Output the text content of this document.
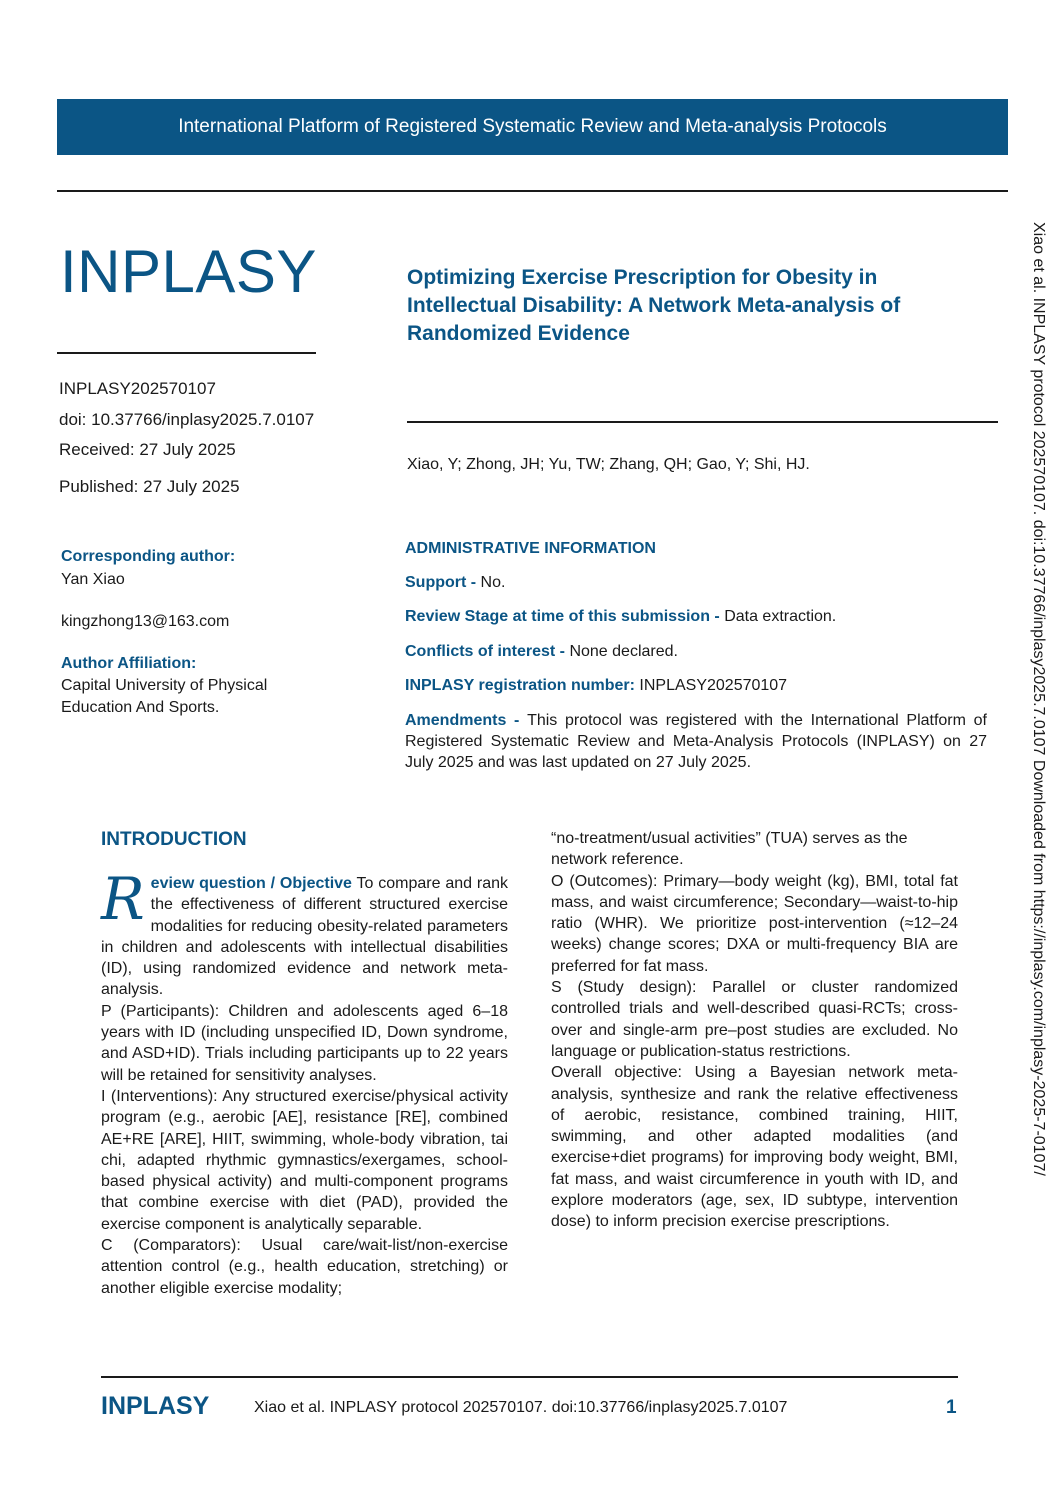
International Platform of Registered Systematic Review and Meta-analysis Protocols
INPLASY	Optimizing Exercise Prescription for Obesity in Intellectual Disability: A Network Meta-analysis of Randomized Evidence
INPLASY202570107
doi: 10.37766/inplasy2025.7.0107
Received: 27 July 2025
Published: 27 July 2025
Corresponding author:
Yan Xiao
kingzhong13@163.com
Author Affiliation:
Capital University of Physical
Education And Sports.
Xiao, Y; Zhong, JH; Yu, TW; Zhang, QH; Gao, Y; Shi, HJ.
ADMINISTRATIVE INFORMATION
Support - No.
Review Stage at time of this submission - Data extraction.
Conflicts of interest - None declared.
INPLASY registration number: INPLASY202570107
Amendments - This protocol was registered with the International Platform of Registered Systematic Review and Meta-Analysis Protocols (INPLASY) on 27 July 2025 and was last updated on 27 July 2025.
INTRODUCTION

Review question / Objective To compare and rank the effectiveness of different structured exercise modalities for reducing obesity-related parameters in children and adolescents with intellectual disabilities (ID), using randomized evidence and network meta-analysis.

P (Participants): Children and adolescents aged 6–18 years with ID (including unspecified ID, Down syndrome, and ASD+ID). Trials including participants up to 22 years will be retained for sensitivity analyses.

I (Interventions): Any structured exercise/physical activity program (e.g., aerobic [AE], resistance [RE], combined AE+RE [ARE], HIIT, swimming, whole-body vibration, tai chi, adapted rhythmic gymnastics/exergames, school-based physical activity) and multi-component programs that combine exercise with diet (PAD), provided the exercise component is analytically separable.

C (Comparators): Usual care/wait-list/non-exercise attention control (e.g., health education, stretching) or another eligible exercise modality;

“no-treatment/usual activities” (TUA) serves as the network reference.

O (Outcomes): Primary—body weight (kg), BMI, total fat mass, and waist circumference; Secondary—waist-to-hip ratio (WHR). We prioritize post-intervention (≈12–24 weeks) change scores; DXA or multi-frequency BIA are preferred for fat mass.

S (Study design): Parallel or cluster randomized controlled trials and well-described quasi-RCTs; cross-over and single-arm pre–post studies are excluded. No language or publication-status restrictions.

Overall objective: Using a Bayesian network meta-analysis, synthesize and rank the relative effectiveness of aerobic, resistance, combined training, HIIT, swimming, and other adapted modalities (and exercise+diet programs) for improving body weight, BMI, fat mass, and waist circumference in youth with ID, and explore moderators (age, sex, ID subtype, intervention dose) to inform precision exercise prescriptions.

Xiao et al. INPLASY protocol 202570107. doi:10.37766/inplasy2025.7.0107 Downloaded from https://inplasy.com/inplasy-2025-7-0107/
INPLASY	Xiao et al. INPLASY protocol 202570107. doi:10.37766/inplasy2025.7.0107	1
